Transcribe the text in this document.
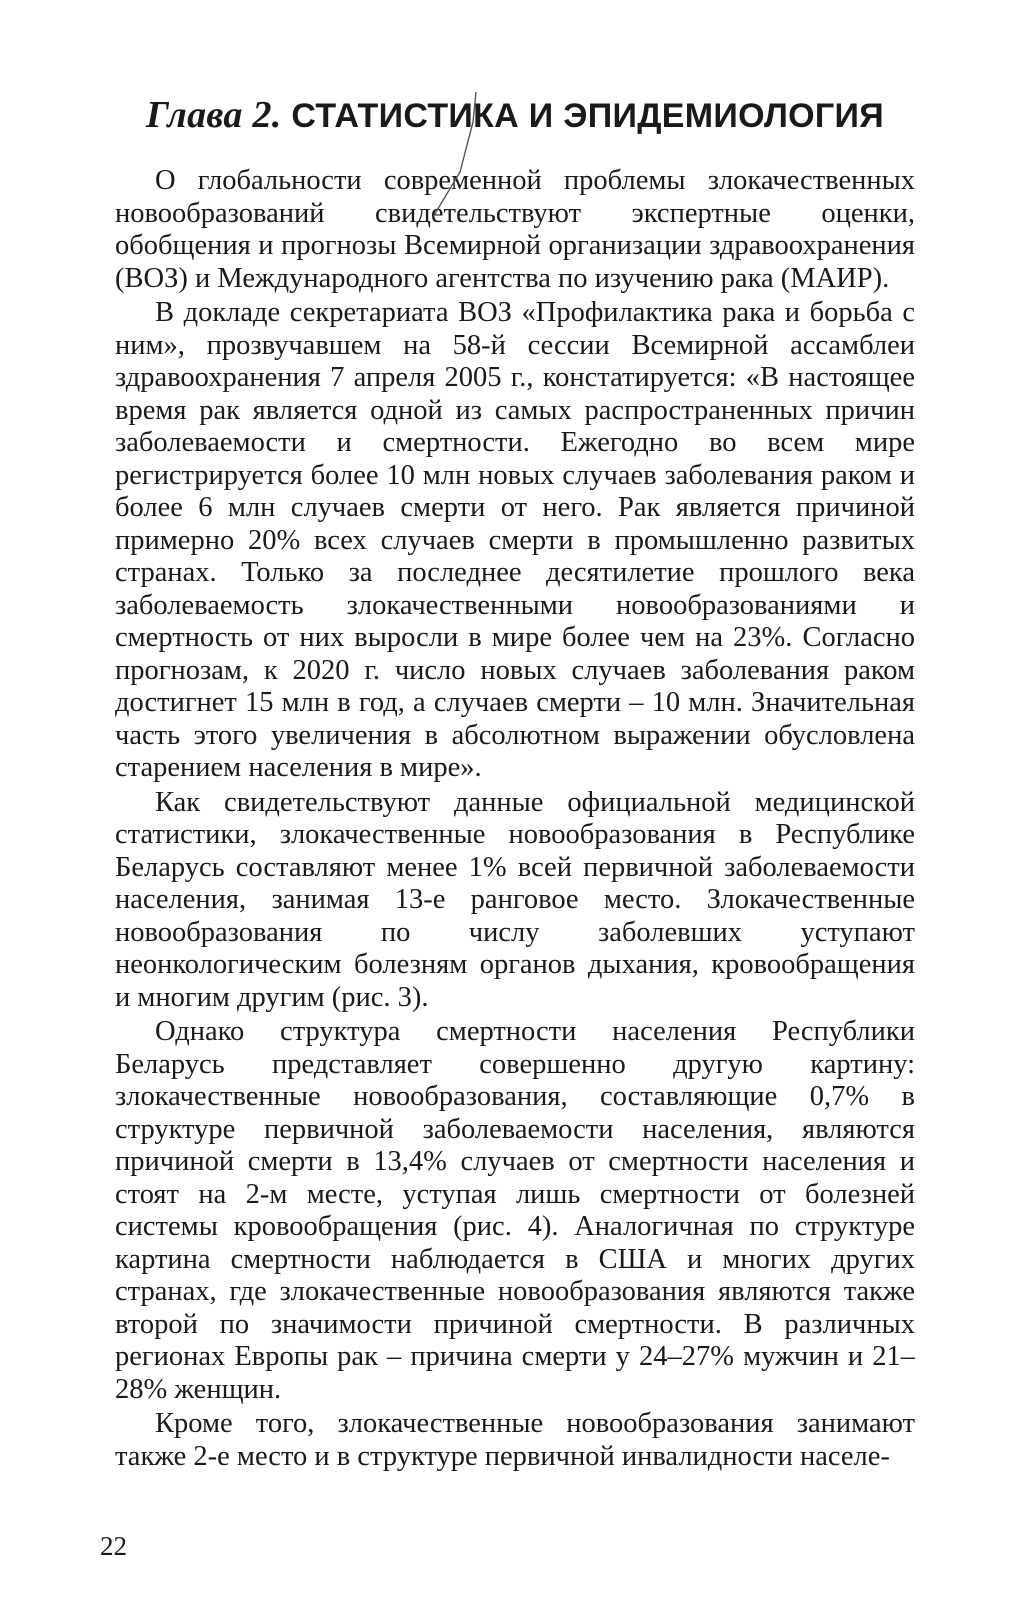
Глава 2. СТАТИСТИКА И ЭПИДЕМИОЛОГИЯ

О глобальности современной проблемы злокачественных новообразований свидетельствуют экспертные оценки, обобщения и прогнозы Всемирной организации здравоохранения (ВОЗ) и Международного агентства по изучению рака (МАИР).

В докладе секретариата ВОЗ «Профилактика рака и борьба с ним», прозвучавшем на 58-й сессии Всемирной ассамблеи здравоохранения 7 апреля 2005 г., констатируется: «В настоящее время рак является одной из самых распространенных причин заболеваемости и смертности. Ежегодно во всем мире регистрируется более 10 млн новых случаев заболевания раком и более 6 млн случаев смерти от него. Рак является причиной примерно 20% всех случаев смерти в промышленно развитых странах. Только за последнее десятилетие прошлого века заболеваемость злокачественными новообразованиями и смертность от них выросли в мире более чем на 23%. Согласно прогнозам, к 2020 г. число новых случаев заболевания раком достигнет 15 млн в год, а случаев смерти – 10 млн. Значительная часть этого увеличения в абсолютном выражении обусловлена старением населения в мире».

Как свидетельствуют данные официальной медицинской статистики, злокачественные новообразования в Республике Беларусь составляют менее 1% всей первичной заболеваемости населения, занимая 13-е ранговое место. Злокачественные новообразования по числу заболевших уступают неонкологическим болезням органов дыхания, кровообращения и многим другим (рис. 3).

Однако структура смертности населения Республики Беларусь представляет совершенно другую картину: злокачественные новообразования, составляющие 0,7% в структуре первичной заболеваемости населения, являются причиной смерти в 13,4% случаев от смертности населения и стоят на 2-м месте, уступая лишь смертности от болезней системы кровообращения (рис. 4). Аналогичная по структуре картина смертности наблюдается в США и многих других странах, где злокачественные новообразования являются также второй по значимости причиной смертности. В различных регионах Европы рак – причина смерти у 24–27% мужчин и 21–28% женщин.

Кроме того, злокачественные новообразования занимают также 2-е место и в структуре первичной инвалидности населе-

22
